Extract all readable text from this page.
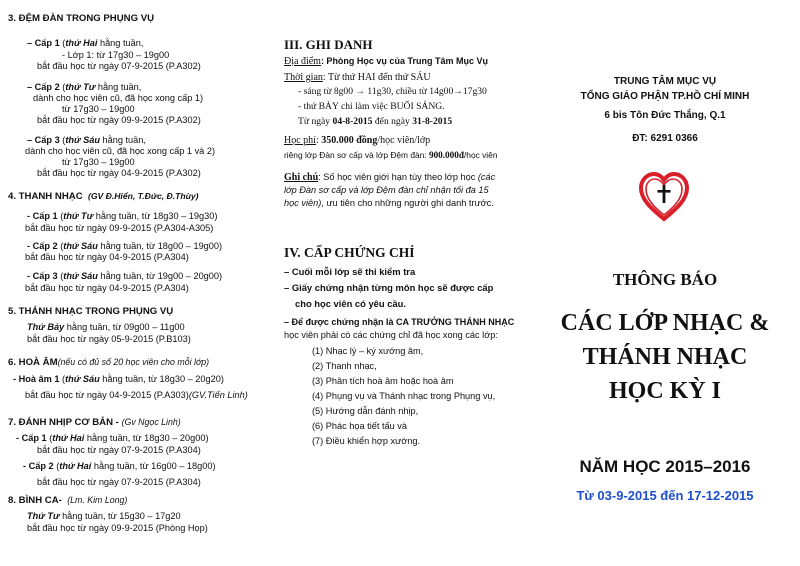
3. ĐỆM ĐÀN TRONG PHỤNG VỤ
– Cấp 1 (thứ Hai hằng tuần,
- Lớp 1: từ 17g30 – 19g00
bắt đầu học từ ngày 07-9-2015 (P.A302)
– Cấp 2 (thứ Tư hằng tuần,
dành cho học viên cũ, đã học xong cấp 1)
từ 17g30 – 19g00
bắt đầu học từ ngày 09-9-2015 (P.A302)
– Cấp 3 (thứ Sáu hằng tuần,
dành cho học viên cũ, đã học xong cấp 1 và 2)
từ 17g30 – 19g00
bắt đầu học từ ngày 04-9-2015 (P.A302)
4. THANH NHẠC (GV Đ.Hiển, T.Đức, Đ.Thùy)
- Cấp 1 (thứ Tư hằng tuần, từ 18g30 – 19g30)
bắt đầu học từ ngày 09-9-2015 (P.A304-A305)
- Cấp 2 (thứ Sáu hằng tuần, từ 18g00 – 19g00)
bắt đầu học từ ngày 04-9-2015 (P.A304)
- Cấp 3 (thứ Sáu hằng tuần, từ 19g00 – 20g00)
bắt đầu học từ ngày 04-9-2015 (P.A304)
5. THÁNH NHẠC TRONG PHỤNG VỤ
Thứ Bảy hằng tuần, từ 09g00 – 11g00
bắt đầu học từ ngày 05-9-2015 (P.B103)
6. HOÀ ÂM(nếu có đủ số 20 học viên cho mỗi lớp)
- Hoà âm 1 (thứ Sáu hằng tuần, từ 18g30 – 20g20)
bắt đầu học từ ngày 04-9-2015 (P.A303)(GV.Tiến Linh)
7. ĐÁNH NHỊP CƠ BẢN - (Gv Ngọc Linh)
- Cấp 1 (thứ Hai hằng tuần, từ 18g30 – 20g00)
bắt đầu học từ ngày 07-9-2015 (P.A304)
- Cấp 2 (thứ Hai hằng tuần, từ 16g00 – 18g00)
bắt đầu học từ ngày 07-9-2015 (P.A304)
8. BÌNH CA- (Lm. Kim Long)
Thứ Tư hằng tuần, từ 15g30 – 17g20
bắt đầu học từ ngày 09-9-2015 (Phòng Họp)
III. GHI DANH
Địa điểm: Phòng Học vụ của Trung Tâm Mục Vụ
Thời gian: Từ thứ HAI đến thứ SÁU
- sáng từ 8g00 → 11g30, chiều từ 14g00→17g30
- thứ BẢY chỉ làm việc BUỔI SÁNG.
Từ ngày 04-8-2015 đến ngày 31-8-2015
Học phí: 350.000 đồng/học viên/lớp
riêng lớp Đàn sơ cấp và lớp Đệm đàn: 900.000đ/học viên
Ghi chú: Số học viên giới hạn tùy theo lớp học (các
lớp Đàn sơ cấp và lớp Đệm đàn chỉ nhận tối đa 15
học viên), ưu tiên cho những người ghi danh trước.
IV. CẤP CHỨNG CHỈ
– Cuối mỗi lớp sẽ thi kiểm tra
– Giấy chứng nhận từng môn học sẽ được cấp
cho học viên có yêu cầu.
– Để được chứng nhận là CA TRƯỞNG THÁNH NHẠC
học viên phải có các chứng chỉ đã học xong các lớp:
(1) Nhạc lý – ký xướng âm,
(2) Thanh nhạc,
(3) Phân tích hoà âm hoặc hoà âm
(4) Phụng vụ và Thánh nhạc trong Phụng vụ,
(5) Hướng dẫn đánh nhịp,
(6) Phác họa tiết tấu và
(7) Điều khiển hợp xướng.
TRUNG TÂM MỤC VỤ
TỔNG GIÁO PHẬN TP.HỒ CHÍ MINH
6 bis Tôn Đức Thắng, Q.1
ĐT: 6291 0366
THÔNG BÁO
CÁC LỚP NHẠC &
THÁNH NHẠC
HỌC KỲ I
NĂM HỌC 2015–2016
Từ 03-9-2015 đến 17-12-2015
